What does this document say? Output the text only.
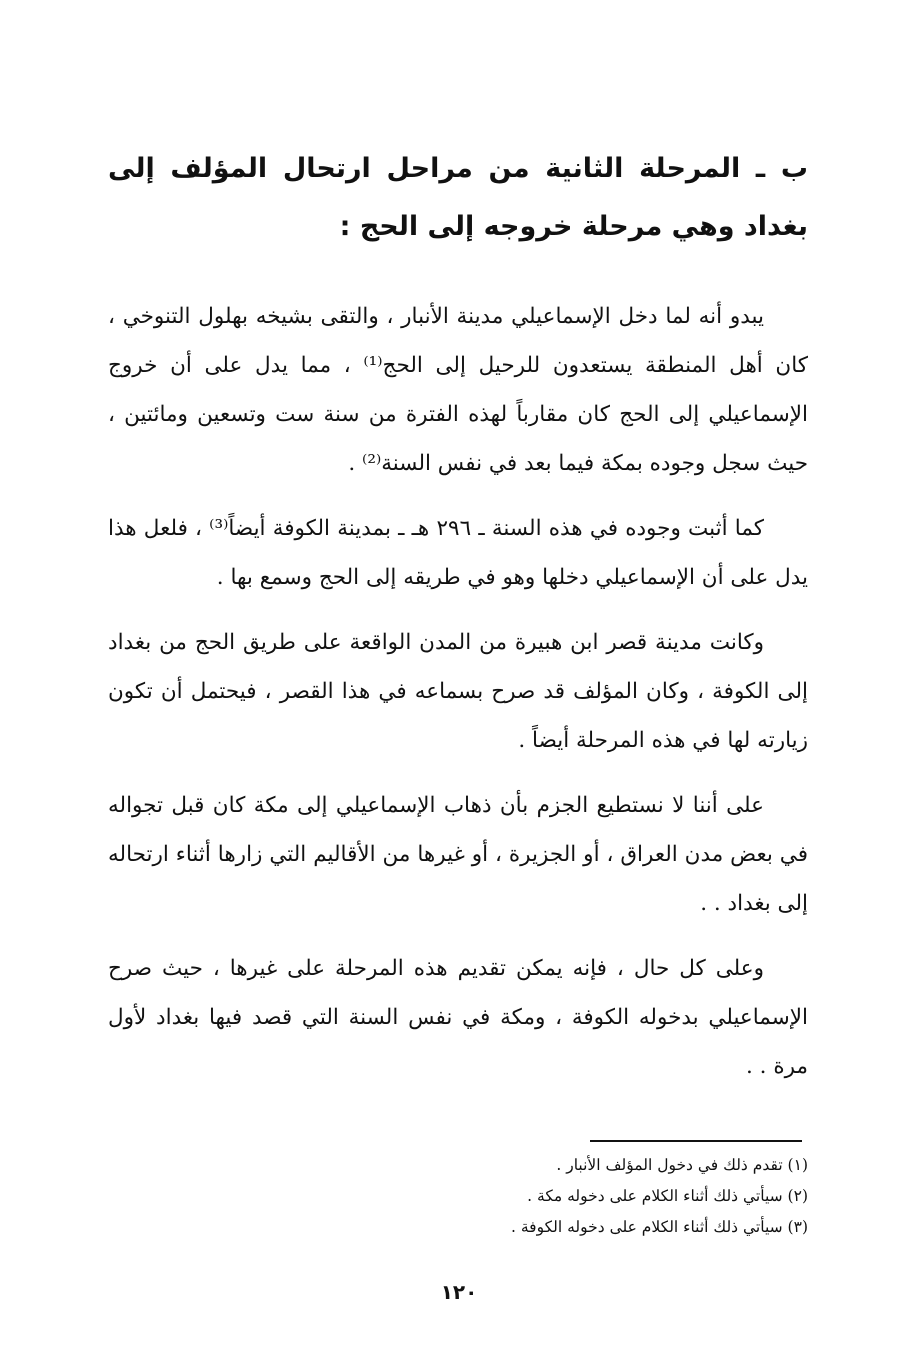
ب ـ المرحلة الثانية من مراحل ارتحال المؤلف إلى بغداد وهي مرحلة خروجه إلى الحج :

يبدو أنه لما دخل الإسماعيلي مدينة الأنبار ، والتقى بشيخه بهلول التنوخي ، كان أهل المنطقة يستعدون للرحيل إلى الحج⁽¹⁾ ، مما يدل على أن خروج الإسماعيلي إلى الحج كان مقارباً لهذه الفترة من سنة ست وتسعين ومائتين ، حيث سجل وجوده بمكة فيما بعد في نفس السنة⁽²⁾ .

كما أثبت وجوده في هذه السنة ـ ٢٩٦ هـ ـ بمدينة الكوفة أيضاً⁽³⁾ ، فلعل هذا يدل على أن الإسماعيلي دخلها وهو في طريقه إلى الحج وسمع بها .

وكانت مدينة قصر ابن هبيرة من المدن الواقعة على طريق الحج من بغداد إلى الكوفة ، وكان المؤلف قد صرح بسماعه في هذا القصر ، فيحتمل أن تكون زيارته لها في هذه المرحلة أيضاً .

على أننا لا نستطيع الجزم بأن ذهاب الإسماعيلي إلى مكة كان قبل تجواله في بعض مدن العراق ، أو الجزيرة ، أو غيرها من الأقاليم التي زارها أثناء ارتحاله إلى بغداد . .

وعلى كل حال ، فإنه يمكن تقديم هذه المرحلة على غيرها ، حيث صرح الإسماعيلي بدخوله الكوفة ، ومكة في نفس السنة التي قصد فيها بغداد لأول مرة . .

(١) تقدم ذلك في دخول المؤلف الأنبار .

(٢) سيأتي ذلك أثناء الكلام على دخوله مكة .

(٣) سيأتي ذلك أثناء الكلام على دخوله الكوفة .

١٢٠
